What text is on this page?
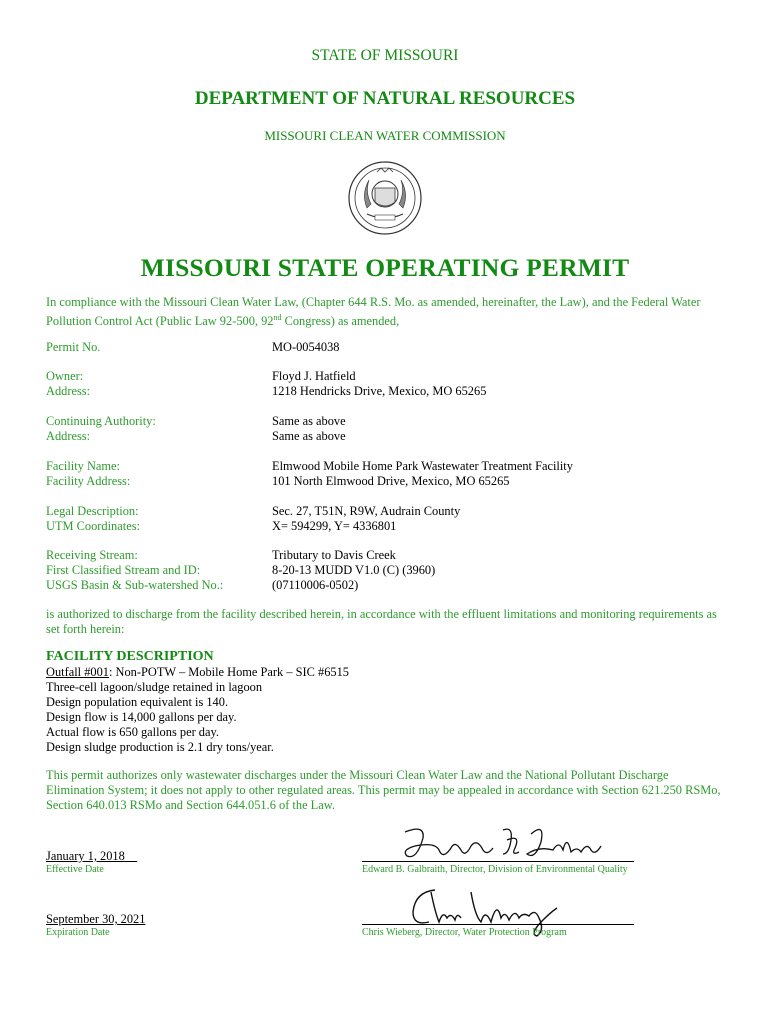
STATE OF MISSOURI
DEPARTMENT OF NATURAL RESOURCES
MISSOURI CLEAN WATER COMMISSION
MISSOURI STATE OPERATING PERMIT
In compliance with the Missouri Clean Water Law, (Chapter 644 R.S. Mo. as amended, hereinafter, the Law), and the Federal Water Pollution Control Act (Public Law 92-500, 92nd Congress) as amended,
Permit No.	MO-0054038
Owner:	Floyd J. Hatfield
Address:	1218 Hendricks Drive, Mexico, MO 65265
Continuing Authority:	Same as above
Address:	Same as above
Facility Name:	Elmwood Mobile Home Park Wastewater Treatment Facility
Facility Address:	101 North Elmwood Drive, Mexico, MO 65265
Legal Description:	Sec. 27, T51N, R9W, Audrain County
UTM Coordinates:	X= 594299, Y= 4336801
Receiving Stream:	Tributary to Davis Creek
First Classified Stream and ID:	8-20-13 MUDD V1.0 (C) (3960)
USGS Basin & Sub-watershed No.:	(07110006-0502)
is authorized to discharge from the facility described herein, in accordance with the effluent limitations and monitoring requirements as set forth herein:
FACILITY DESCRIPTION
Outfall #001: Non-POTW – Mobile Home Park – SIC #6515
Three-cell lagoon/sludge retained in lagoon
Design population equivalent is 140.
Design flow is 14,000 gallons per day.
Actual flow is 650 gallons per day.
Design sludge production is 2.1 dry tons/year.
This permit authorizes only wastewater discharges under the Missouri Clean Water Law and the National Pollutant Discharge Elimination System; it does not apply to other regulated areas. This permit may be appealed in accordance with Section 621.250 RSMo, Section 640.013 RSMo and Section 644.051.6 of the Law.
January 1, 2018
Effective Date	Edward B. Galbraith, Director, Division of Environmental Quality
September 30, 2021
Expiration Date	Chris Wieberg, Director, Water Protection Program
